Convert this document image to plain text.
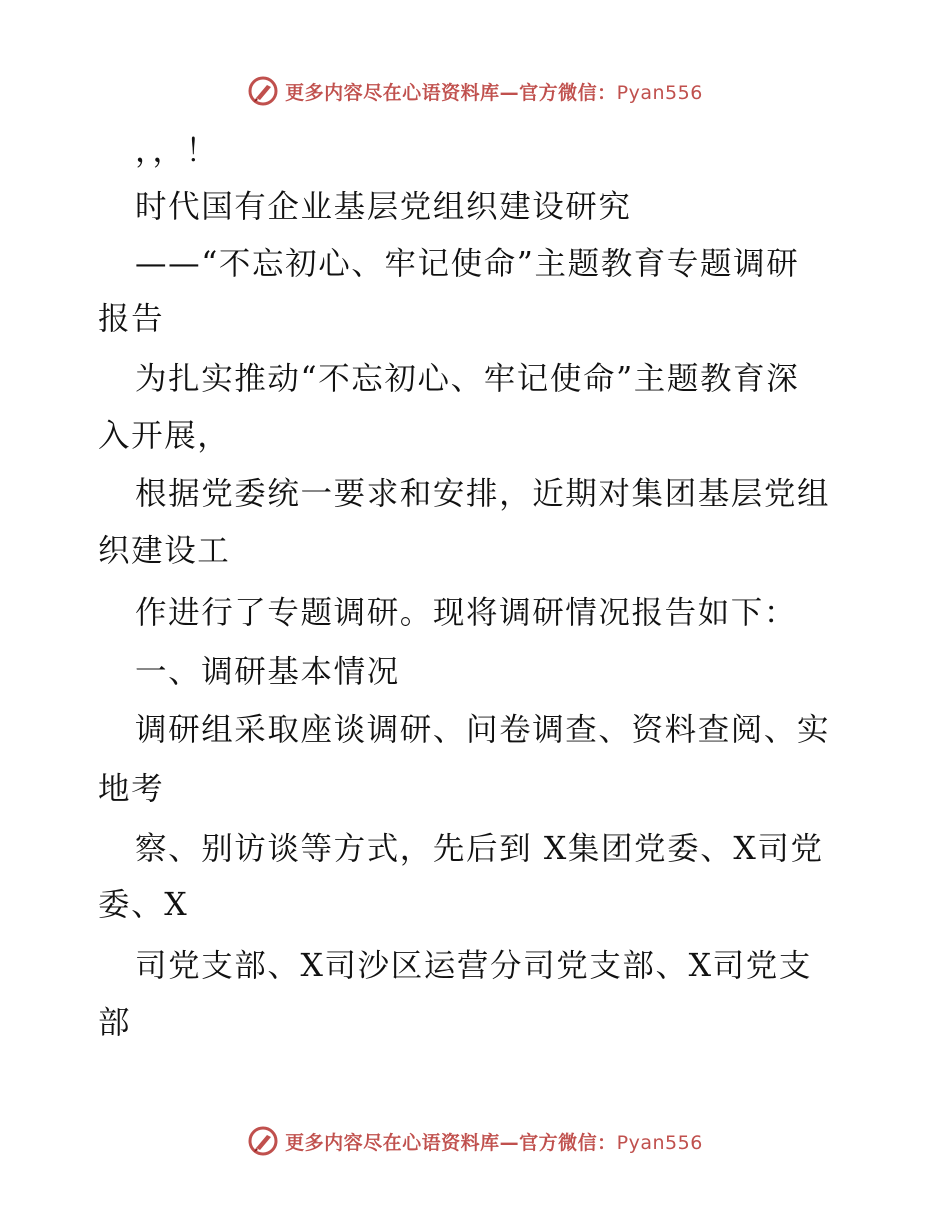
更多内容尽在心语资料库—官方微信：Pyan556
，，！
时代国有企业基层党组织建设研究
——“不忘初心、牢记使命”主题教育专题调研
报告
为扎实推动“不忘初心、牢记使命”主题教育深
入开展，
根据党委统一要求和安排，近期对集团基层党组
织建设工
作进行了专题调研。现将调研情况报告如下：
一、调研基本情况
调研组采取座谈调研、问卷调查、资料查阅、实
地考
察、别访谈等方式，先后到 X集团党委、X司党
委、X
司党支部、X司沙区运营分司党支部、X司党支
部
更多内容尽在心语资料库—官方微信：Pyan556
